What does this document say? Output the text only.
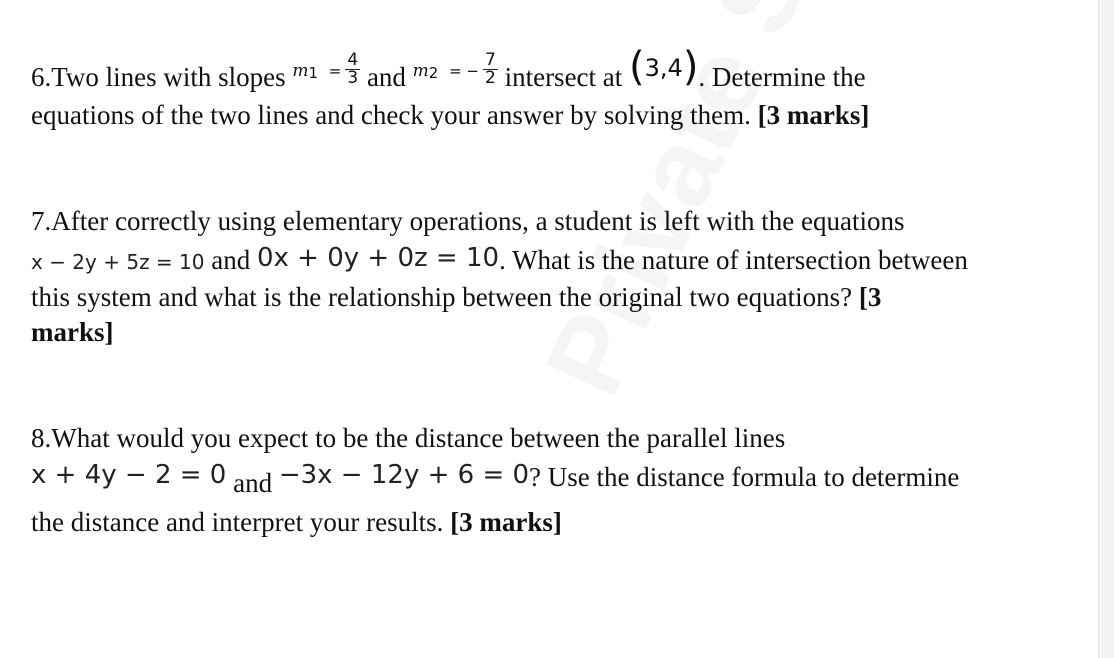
6.Two lines with slopes $^{m1}$ $^= \frac{4}{3}$ and $^{m2}$ $^{= -} \frac{7}{2}$ intersect at (3,4). Determine the
equations of the two lines and check your answer by solving them. [3 marks]
7.After correctly using elementary operations, a student is left with the equations
x − 2y + 5z = 10 and 0x + 0y + 0z = 10. What is the nature of intersection between
this system and what is the relationship between the original two equations? [3
marks]
8.What would you expect to be the distance between the parallel lines
x + 4y − 2 = 0 and −3x − 12y + 6 = 0? Use the distance formula to determine
the distance and interpret your results. [3 marks]
